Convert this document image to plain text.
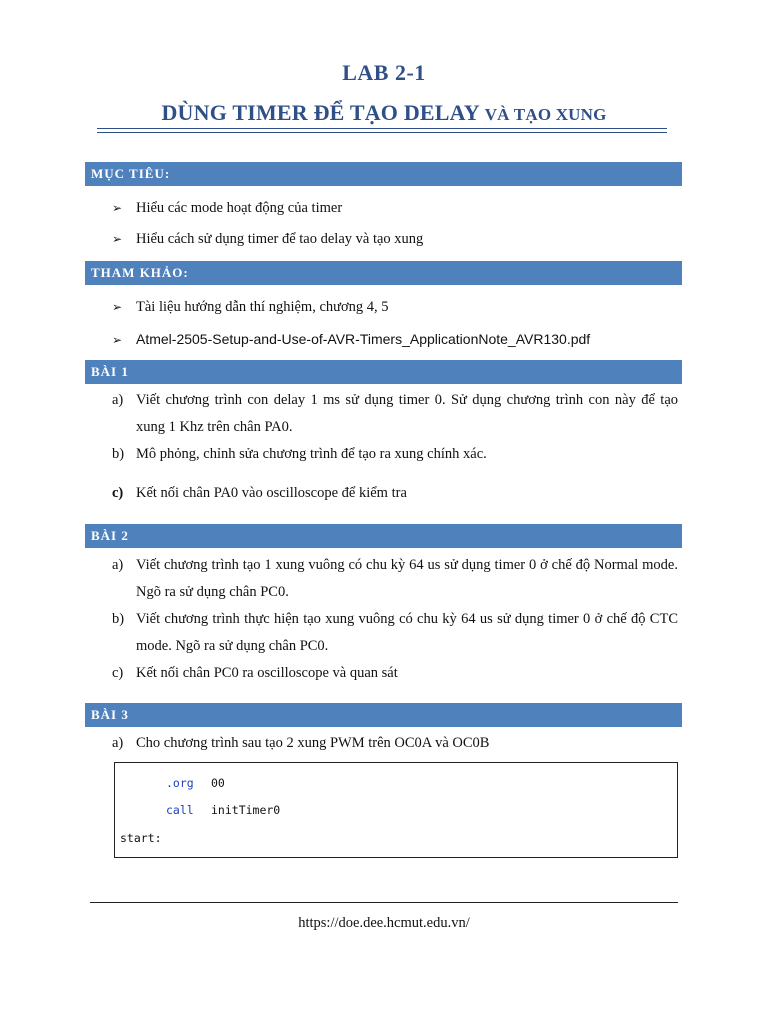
LAB 2-1
DÙNG TIMER ĐỂ TẠO DELAY VÀ TẠO XUNG
MỤC TIÊU:
➢ Hiểu các mode hoạt động của timer
➢ Hiểu cách sử dụng timer để tao delay và tạo xung
THAM KHẢO:
➢ Tài liệu hướng dẫn thí nghiệm, chương 4, 5
➢ Atmel-2505-Setup-and-Use-of-AVR-Timers_ApplicationNote_AVR130.pdf
BÀI 1
a) Viết chương trình con delay 1 ms sử dụng timer 0. Sử dụng chương trình con này để tạo xung 1 Khz trên chân PA0.
b) Mô phỏng, chỉnh sửa chương trình để tạo ra xung chính xác.
c) Kết nối chân PA0 vào oscilloscope để kiểm tra
BÀI 2
a) Viết chương trình tạo 1 xung vuông có chu kỳ 64 us sử dụng timer 0 ở chế độ Normal mode. Ngõ ra sử dụng chân PC0.
b) Viết chương trình thực hiện tạo xung vuông có chu kỳ 64 us sử dụng timer 0 ở chế độ CTC mode. Ngõ ra sử dụng chân PC0.
c) Kết nối chân PC0 ra oscilloscope và quan sát
BÀI 3
a) Cho chương trình sau tạo 2 xung PWM trên OC0A và OC0B
.org 00
call initTimer0
start:
https://doe.dee.hcmut.edu.vn/
